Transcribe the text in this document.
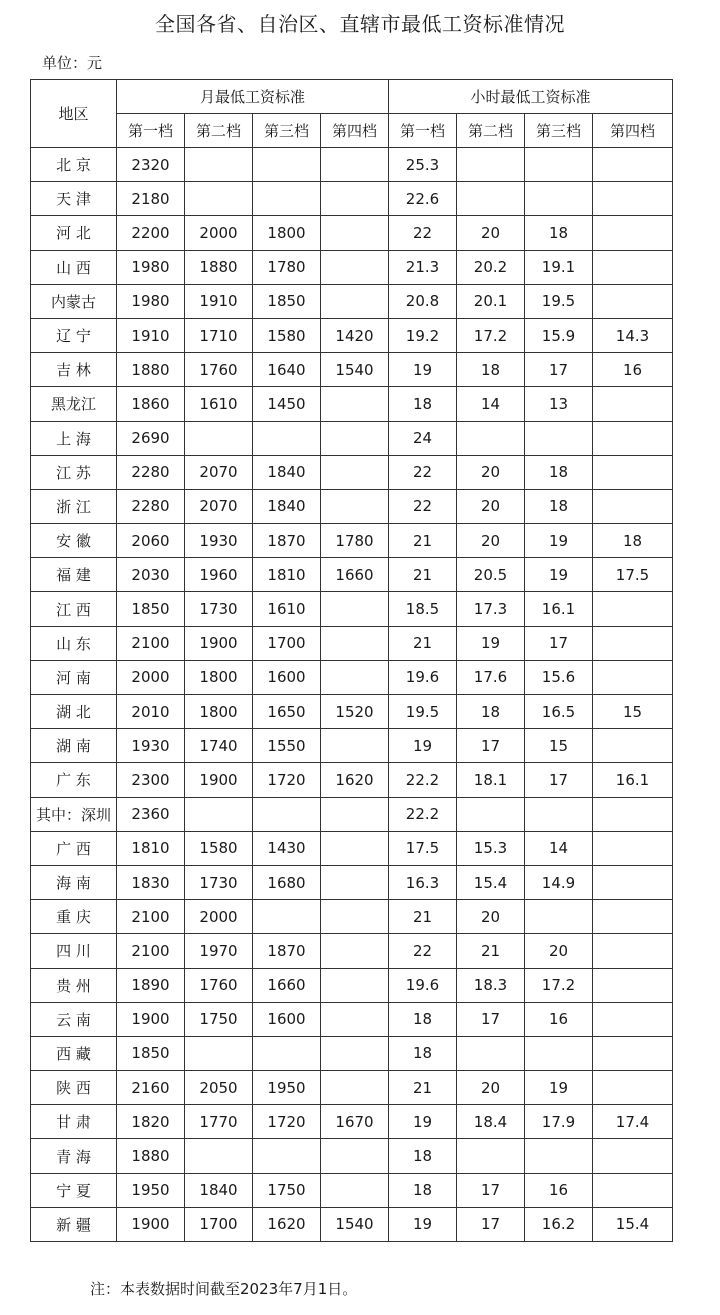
全国各省、自治区、直辖市最低工资标准情况
单位：元
地区	月最低工资标准				小时最低工资标准			
	第一档	第二档	第三档	第四档	第一档	第二档	第三档	第四档
北 京	2320				25.3			
天 津	2180				22.6			
河 北	2200	2000	1800		22	20	18	
山 西	1980	1880	1780		21.3	20.2	19.1	
内蒙古	1980	1910	1850		20.8	20.1	19.5	
辽 宁	1910	1710	1580	1420	19.2	17.2	15.9	14.3
吉 林	1880	1760	1640	1540	19	18	17	16
黑龙江	1860	1610	1450		18	14	13	
上 海	2690				24			
江 苏	2280	2070	1840		22	20	18	
浙 江	2280	2070	1840		22	20	18	
安 徽	2060	1930	1870	1780	21	20	19	18
福 建	2030	1960	1810	1660	21	20.5	19	17.5
江 西	1850	1730	1610		18.5	17.3	16.1	
山 东	2100	1900	1700		21	19	17	
河 南	2000	1800	1600		19.6	17.6	15.6	
湖 北	2010	1800	1650	1520	19.5	18	16.5	15
湖 南	1930	1740	1550		19	17	15	
广 东	2300	1900	1720	1620	22.2	18.1	17	16.1
其中：深圳	2360				22.2			
广 西	1810	1580	1430		17.5	15.3	14	
海 南	1830	1730	1680		16.3	15.4	14.9	
重 庆	2100	2000			21	20		
四 川	2100	1970	1870		22	21	20	
贵 州	1890	1760	1660		19.6	18.3	17.2	
云 南	1900	1750	1600		18	17	16	
西 藏	1850				18			
陕 西	2160	2050	1950		21	20	19	
甘 肃	1820	1770	1720	1670	19	18.4	17.9	17.4
青 海	1880				18			
宁 夏	1950	1840	1750		18	17	16	
新 疆	1900	1700	1620	1540	19	17	16.2	15.4
注：本表数据时间截至2023年7月1日。
